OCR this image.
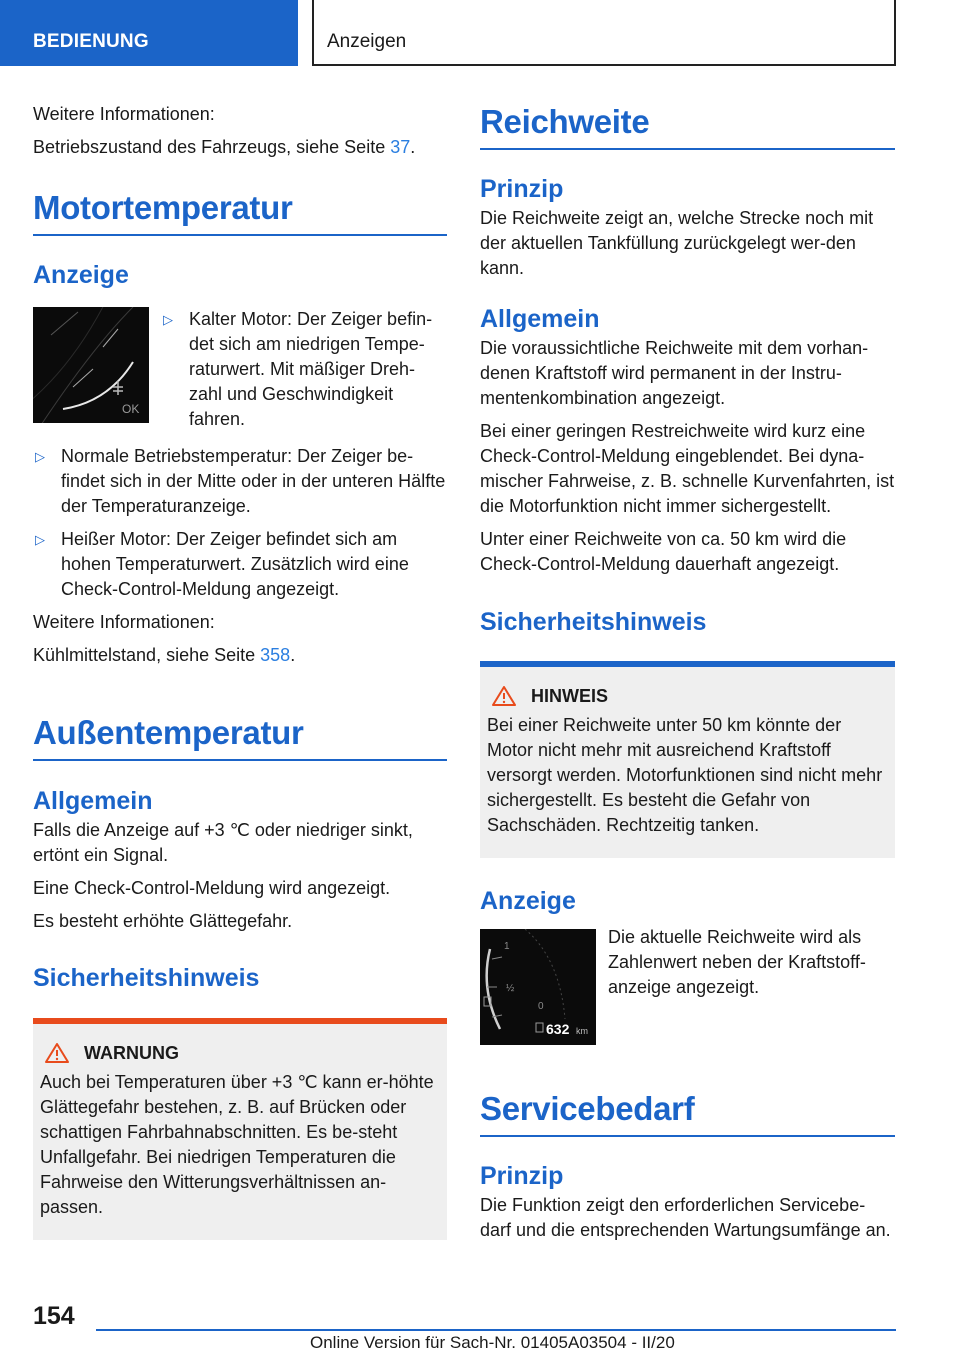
BEDIENUNG	Anzeigen

Weitere Informationen:

Betriebszustand des Fahrzeugs, siehe Seite 37.

Motortemperatur
Anzeige
OK
▷ Kalter Motor: Der Zeiger befin-det sich am niedrigen Tempe-raturwert. Mit mäßiger Dreh-zahl und Geschwindigkeit fahren.
▷ Normale Betriebstemperatur: Der Zeiger be-findet sich in der Mitte oder in der unteren Hälfte der Temperaturanzeige.
▷ Heißer Motor: Der Zeiger befindet sich am hohen Temperaturwert. Zusätzlich wird eine Check-Control-Meldung angezeigt.

Weitere Informationen:

Kühlmittelstand, siehe Seite 358.

Außentemperatur
Allgemein

Falls die Anzeige auf +3 ℃ oder niedriger sinkt, ertönt ein Signal.

Eine Check-Control-Meldung wird angezeigt.

Es besteht erhöhte Glättegefahr.

Sicherheitshinweis
WARNUNG

Auch bei Temperaturen über +3 ℃ kann er-höhte Glättegefahr bestehen, z. B. auf Brücken oder schattigen Fahrbahnabschnitten. Es be-steht Unfallgefahr. Bei niedrigen Temperaturen die Fahrweise den Witterungsverhältnissen an-passen.

Reichweite
Prinzip

Die Reichweite zeigt an, welche Strecke noch mit der aktuellen Tankfüllung zurückgelegt wer-den kann.

Allgemein

Die voraussichtliche Reichweite mit dem vorhan-denen Kraftstoff wird permanent in der Instru-mentenkombination angezeigt.

Bei einer geringen Restreichweite wird kurz eine Check-Control-Meldung eingeblendet. Bei dyna-mischer Fahrweise, z. B. schnelle Kurvenfahrten, ist die Motorfunktion nicht immer sichergestellt.

Unter einer Reichweite von ca. 50 km wird die Check-Control-Meldung dauerhaft angezeigt.

Sicherheitshinweis
HINWEIS

Bei einer Reichweite unter 50 km könnte der Motor nicht mehr mit ausreichend Kraftstoff versorgt werden. Motorfunktionen sind nicht mehr sichergestellt. Es besteht die Gefahr von Sachschäden. Rechtzeitig tanken.

Anzeige
1
½
0
632 km

Die aktuelle Reichweite wird als Zahlenwert neben der Kraftstoff-anzeige angezeigt.

Servicebedarf
Prinzip

Die Funktion zeigt den erforderlichen Servicebe-darf und die entsprechenden Wartungsumfänge an.

154
Online Version für Sach-Nr. 01405A03504 - II/20
